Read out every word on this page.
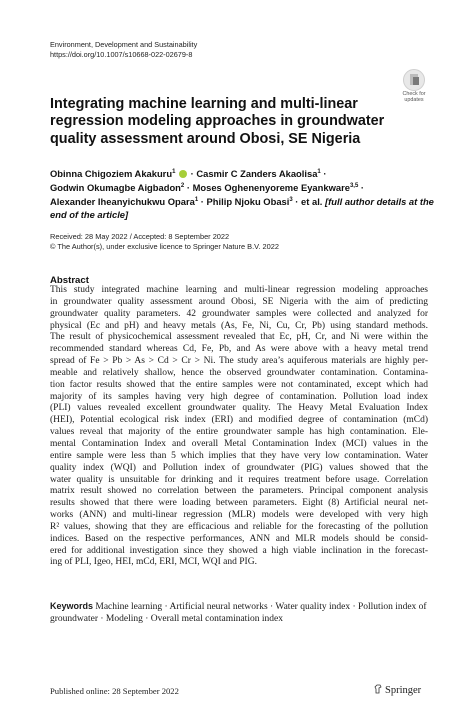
Environment, Development and Sustainability
https://doi.org/10.1007/s10668-022-02679-8
Check for
updates
Integrating machine learning and multi-linear regression modeling approaches in groundwater quality assessment around Obosi, SE Nigeria
Obinna Chigoziem Akakuru$^1$  · Casmir C Zanders Akaolisa$^1$ ·
Godwin Okumagbe Aigbadon$^2$ · Moses Oghenenyoreme Eyankware$^{3,5}$ ·
Alexander Iheanyichukwu Opara$^1$ · Philip Njoku Obasi$^3$ · et al. [full author details at the end of the article]
Received: 28 May 2022 / Accepted: 8 September 2022
© The Author(s), under exclusive licence to Springer Nature B.V. 2022
Abstract
This study integrated machine learning and multi-linear regression modeling approaches
in groundwater quality assessment around Obosi, SE Nigeria with the aim of predicting
groundwater quality parameters. 42 groundwater samples were collected and analyzed for
physical (Ec and pH) and heavy metals (As, Fe, Ni, Cu, Cr, Pb) using standard methods.
The result of physicochemical assessment revealed that Ec, pH, Cr, and Ni were within the
recommended standard whereas Cd, Fe, Pb, and As were above with a heavy metal trend
spread of Fe > Pb > As > Cd > Cr > Ni. The study area’s aquiferous materials are highly per-
meable and relatively shallow, hence the observed groundwater contamination. Contamina-
tion factor results showed that the entire samples were not contaminated, except which had
majority of its samples having very high degree of contamination. Pollution load index
(PLI) values revealed excellent groundwater quality. The Heavy Metal Evaluation Index
(HEI), Potential ecological risk index (ERI) and modified degree of contamination (mCd)
values reveal that majority of the entire groundwater sample has high contamination. Ele-
mental Contamination Index and overall Metal Contamination Index (MCI) values in the
entire sample were less than 5 which implies that they have very low contamination. Water
quality index (WQI) and Pollution index of groundwater (PIG) values showed that the
water quality is unsuitable for drinking and it requires treatment before usage. Correlation
matrix result showed no correlation between the parameters. Principal component analysis
results showed that there were loading between parameters. Eight (8) Artificial neural net-
works (ANN) and multi-linear regression (MLR) models were developed with very high
R² values, showing that they are efficacious and reliable for the forecasting of the pollution
indices. Based on the respective performances, ANN and MLR models should be consid-
ered for additional investigation since they showed a high viable inclination in the forecast-
ing of PLI, Igeo, HEI, mCd, ERI, MCI, WQI and PIG.
Keywords Machine learning · Artificial neural networks · Water quality index · Pollution index of groundwater · Modeling · Overall metal contamination index
Published online: 28 September 2022	Springer
